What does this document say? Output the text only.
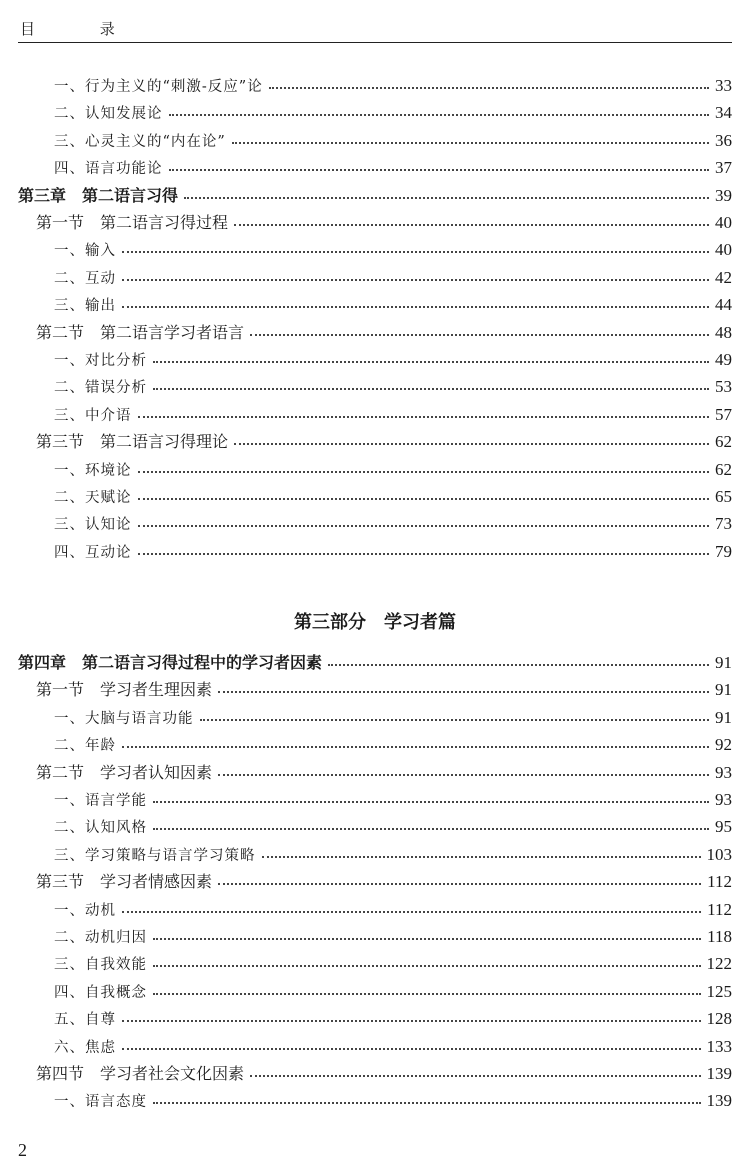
目 录
一、行为主义的“刺激-反应”论	33
二、认知发展论	34
三、心灵主义的“内在论”	36
四、语言功能论	37
第三章　第二语言习得	39
第一节　第二语言习得过程	40
一、输入	40
二、互动	42
三、输出	44
第二节　第二语言学习者语言	48
一、对比分析	49
二、错误分析	53
三、中介语	57
第三节　第二语言习得理论	62
一、环境论	62
二、天赋论	65
三、认知论	73
四、互动论	79
第四章　第二语言习得过程中的学习者因素	91
第一节　学习者生理因素	91
一、大脑与语言功能	91
二、年龄	92
第二节　学习者认知因素	93
一、语言学能	93
二、认知风格	95
三、学习策略与语言学习策略	103
第三节　学习者情感因素	112
一、动机	112
二、动机归因	118
三、自我效能	122
四、自我概念	125
五、自尊	128
六、焦虑	133
第四节　学习者社会文化因素	139
一、语言态度	139
第三部分　学习者篇
2
